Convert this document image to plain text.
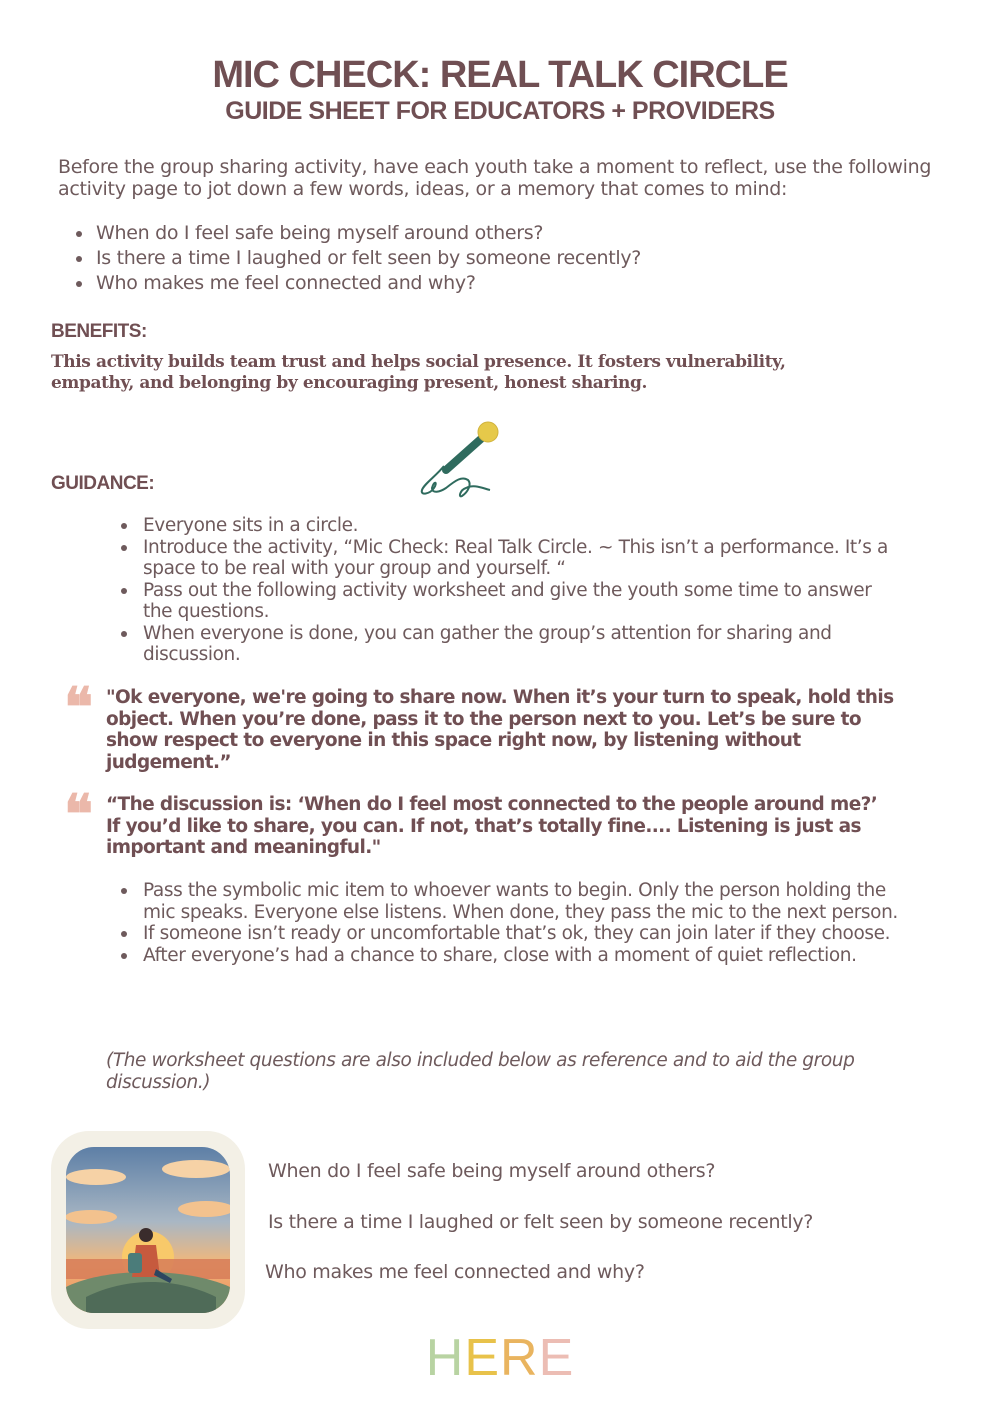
MIC CHECK: REAL TALK CIRCLE
GUIDE SHEET FOR EDUCATORS + PROVIDERS
Before the group sharing activity, have each youth take a moment to reflect, use the following activity page to jot down a few words, ideas, or a memory that comes to mind:
When do I feel safe being myself around others?
Is there a time I laughed or felt seen by someone recently?
Who makes me feel connected and why?
BENEFITS:
This activity builds team trust and helps social presence. It fosters vulnerability, empathy, and belonging by encouraging present, honest sharing.
GUIDANCE:
Everyone sits in a circle.
Introduce the activity, “Mic Check: Real Talk Circle. ~ This isn’t a performance. It’s a space to be real with your group and yourself. “
Pass out the following activity worksheet and give the youth some time to answer the questions.
When everyone is done, you can gather the group’s attention for sharing and discussion.
❝ "Ok everyone, we're going to share now. When it’s your turn to speak, hold this object. When you’re done, pass it to the person next to you. Let’s be sure to show respect to everyone in this space right now, by listening without judgement.”
❝ “The discussion is: ‘When do I feel most connected to the people around me?’ If you’d like to share, you can. If not, that’s totally fine.... Listening is just as important and meaningful."
Pass the symbolic mic item to whoever wants to begin. Only the person holding the mic speaks. Everyone else listens. When done, they pass the mic to the next person.
If someone isn’t ready or uncomfortable that’s ok, they can join later if they choose.
After everyone’s had a chance to share, close with a moment of quiet reflection.
(The worksheet questions are also included below as reference and to aid the group discussion.)
When do I feel safe being myself around others?
Is there a time I laughed or felt seen by someone recently?
Who makes me feel connected and why?
HERE
